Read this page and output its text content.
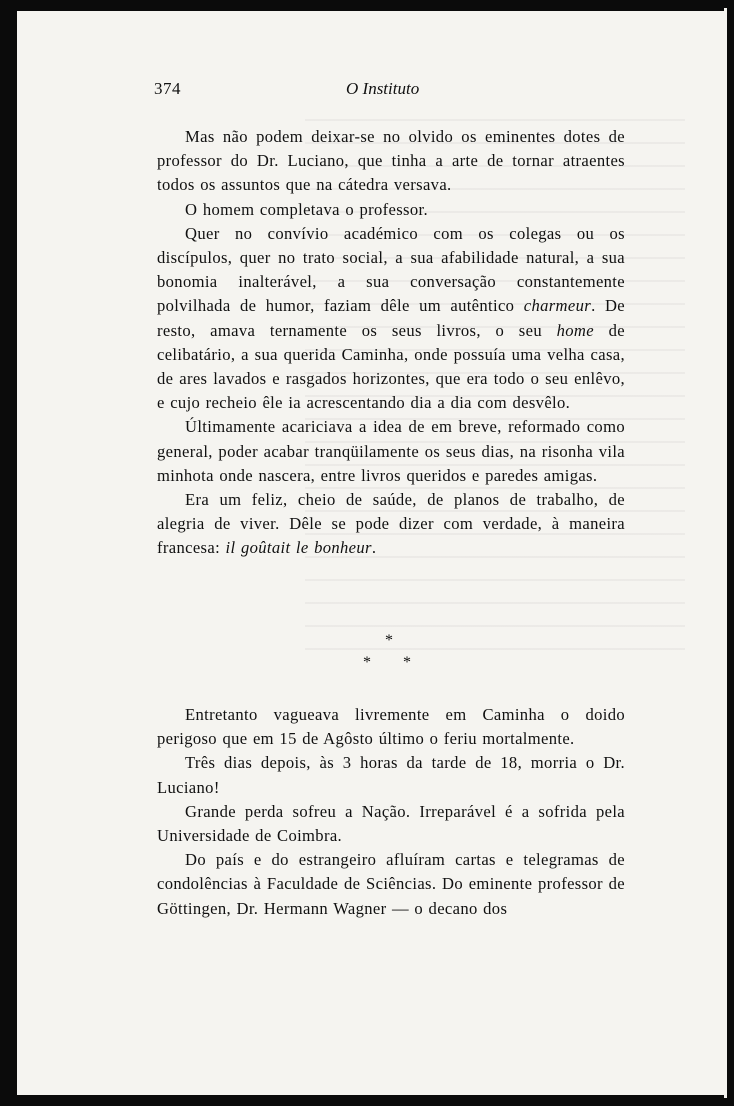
374	O Instituto

Mas não podem deixar-se no olvido os eminentes dotes de professor do Dr. Luciano, que tinha a arte de tornar atraentes todos os assuntos que na cátedra versava.

O homem completava o professor.

Quer no convívio académico com os colegas ou os discípulos, quer no trato social, a sua afabilidade natural, a sua bonomia inalterável, a sua conversação constantemente polvilhada de humor, faziam dêle um autêntico charmeur. De resto, amava ternamente os seus livros, o seu home de celibatário, a sua querida Caminha, onde possuía uma velha casa, de ares lavados e rasgados horizontes, que era todo o seu enlêvo, e cujo recheio êle ia acrescentando dia a dia com desvêlo.

Últimamente acariciava a idea de em breve, reformado como general, poder acabar tranqüilamente os seus dias, na risonha vila minhota onde nascera, entre livros queridos e paredes amigas.

Era um feliz, cheio de saúde, de planos de trabalho, de alegria de viver. Dêle se pode dizer com verdade, à maneira francesa: il goûtait le bonheur.

*
* *

Entretanto vagueava livremente em Caminha o doido perigoso que em 15 de Agôsto último o feriu mortalmente.

Três dias depois, às 3 horas da tarde de 18, morria o Dr. Luciano!

Grande perda sofreu a Nação. Irreparável é a sofrida pela Universidade de Coimbra.

Do país e do estrangeiro afluíram cartas e telegramas de condolências à Faculdade de Sciências. Do eminente professor de Göttingen, Dr. Hermann Wagner — o decano dos
